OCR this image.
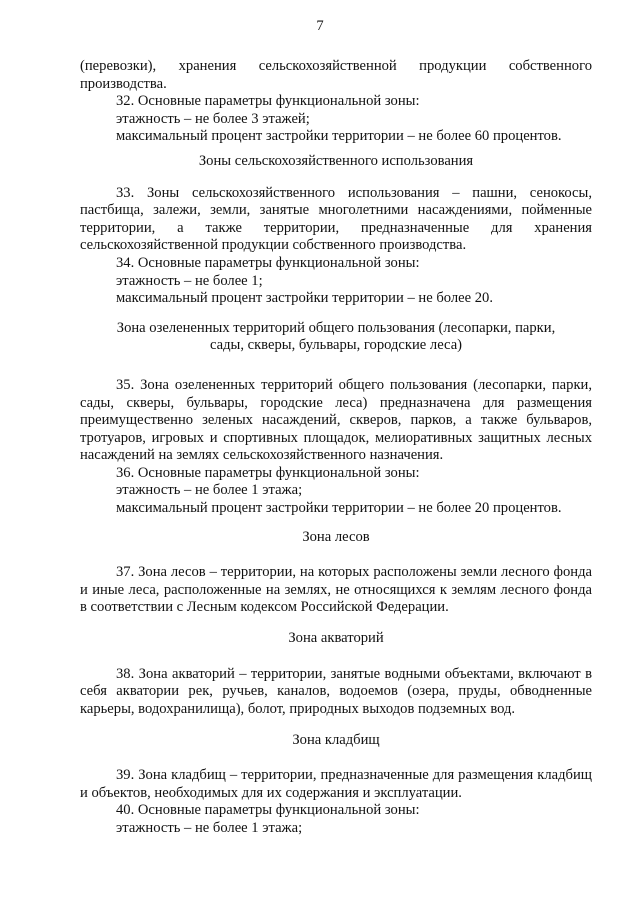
7

(перевозки), хранения сельскохозяйственной продукции собственного производства.

32. Основные параметры функциональной зоны:

этажность – не более 3 этажей;

максимальный процент застройки территории – не более 60 процентов.

Зоны сельскохозяйственного использования

33. Зоны сельскохозяйственного использования – пашни, сенокосы, пастбища, залежи, земли, занятые многолетними насаждениями, пойменные территории, а также территории, предназначенные для хранения сельскохозяйственной продукции собственного производства.

34. Основные параметры функциональной зоны:

этажность – не более 1;

максимальный процент застройки территории – не более 20.

Зона озелененных территорий общего пользования (лесопарки, парки,

сады, скверы, бульвары, городские леса)

35. Зона озелененных территорий общего пользования (лесопарки, парки, сады, скверы, бульвары, городские леса) предназначена для размещения преимущественно зеленых насаждений, скверов, парков, а также бульваров, тротуаров, игровых и спортивных площадок, мелиоративных защитных лесных насаждений на землях сельскохозяйственного назначения.

36. Основные параметры функциональной зоны:

этажность – не более 1 этажа;

максимальный процент застройки территории – не более 20 процентов.

Зона лесов

37. Зона лесов – территории, на которых расположены земли лесного фонда и иные леса, расположенные на землях, не относящихся к землям лесного фонда в соответствии с Лесным кодексом Российской Федерации.

Зона акваторий

38. Зона акваторий – территории, занятые водными объектами, включают в себя акватории рек, ручьев, каналов, водоемов (озера, пруды, обводненные карьеры, водохранилища), болот, природных выходов подземных вод.

Зона кладбищ

39. Зона кладбищ – территории, предназначенные для размещения кладбищ и объектов, необходимых для их содержания и эксплуатации.

40. Основные параметры функциональной зоны:

этажность – не более 1 этажа;
